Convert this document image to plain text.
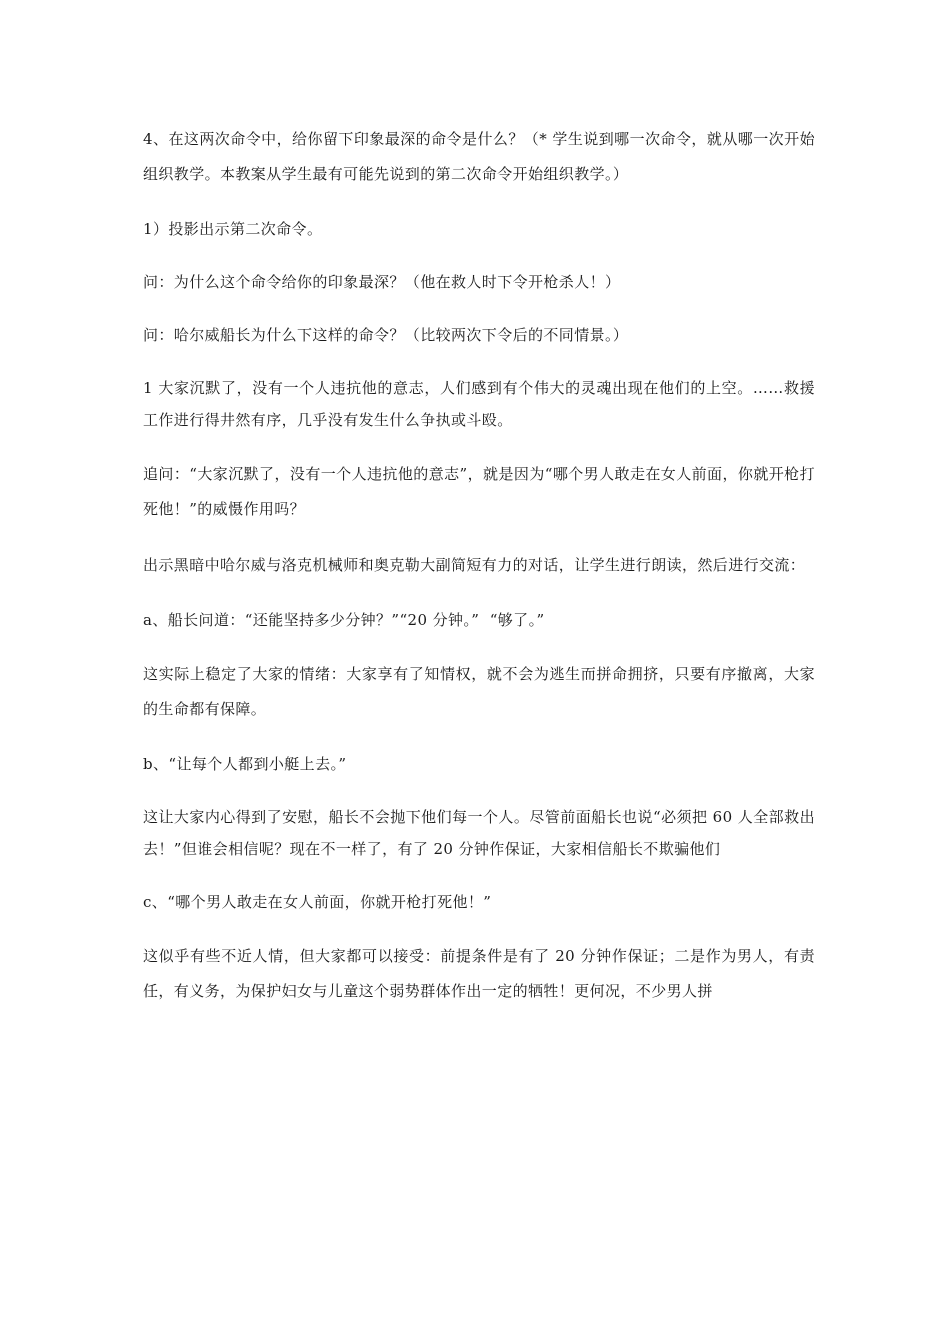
4、在这两次命令中，给你留下印象最深的命令是什么？（* 学生说到哪一次命令，就从哪一次开始组织教学。本教案从学生最有可能先说到的第二次命令开始组织教学。）

1）投影出示第二次命令。

问：为什么这个命令给你的印象最深？（他在救人时下令开枪杀人！）

问：哈尔威船长为什么下这样的命令？（比较两次下令后的不同情景。）

1 大家沉默了，没有一个人违抗他的意志，人们感到有个伟大的灵魂出现在他们的上空。……救援工作进行得井然有序，几乎没有发生什么争执或斗殴。

追问：“大家沉默了，没有一个人违抗他的意志”，就是因为“哪个男人敢走在女人前面，你就开枪打死他！”的威慑作用吗？

出示黑暗中哈尔威与洛克机械师和奥克勒大副简短有力的对话，让学生进行朗读，然后进行交流：

a、船长问道：“还能坚持多少分钟？”“20 分钟。”  “够了。”

这实际上稳定了大家的情绪：大家享有了知情权，就不会为逃生而拼命拥挤，只要有序撤离，大家的生命都有保障。

b、“让每个人都到小艇上去。”

这让大家内心得到了安慰，船长不会抛下他们每一个人。尽管前面船长也说“必须把 60 人全部救出去！”但谁会相信呢？现在不一样了，有了 20 分钟作保证，大家相信船长不欺骗他们

c、“哪个男人敢走在女人前面，你就开枪打死他！”

这似乎有些不近人情，但大家都可以接受：前提条件是有了 20 分钟作保证；二是作为男人，有责任，有义务，为保护妇女与儿童这个弱势群体作出一定的牺牲！更何况，不少男人拼
